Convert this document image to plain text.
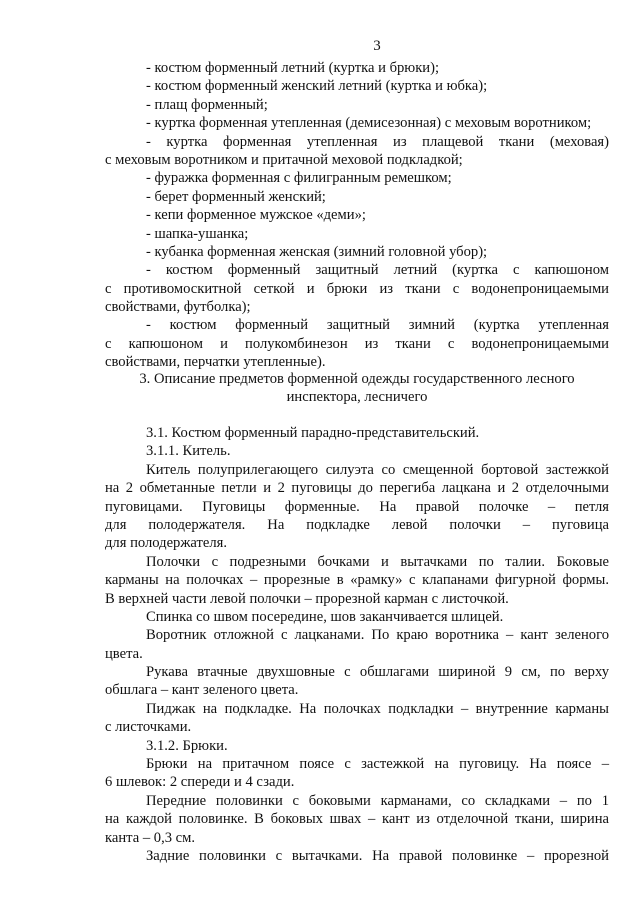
3
- костюм форменный летний (куртка и брюки);
- костюм форменный женский летний (куртка и юбка);
- плащ форменный;
- куртка форменная утепленная (демисезонная) с меховым воротником;
- куртка форменная утепленная из плащевой ткани (меховая)
с меховым воротником и притачной меховой подкладкой;
- фуражка форменная с филигранным ремешком;
- берет форменный женский;
- кепи форменное мужское «деми»;
- шапка-ушанка;
- кубанка форменная женская (зимний головной убор);
- костюм форменный защитный летний (куртка с капюшоном
с противомоскитной сеткой и брюки из ткани с водонепроницаемыми
свойствами, футболка);
- костюм форменный защитный зимний (куртка утепленная
с капюшоном и полукомбинезон из ткани с водонепроницаемыми
свойствами, перчатки утепленные).
3. Описание предметов форменной одежды государственного лесного
инспектора, лесничего
3.1. Костюм форменный парадно-представительский.
3.1.1. Китель.
Китель полуприлегающего силуэта со смещенной бортовой застежкой
на 2 обметанные петли и 2 пуговицы до перегиба лацкана и 2 отделочными
пуговицами. Пуговицы форменные. На правой полочке – петля
для полодержателя. На подкладке левой полочки – пуговица
для полодержателя.
Полочки с подрезными бочками и вытачками по талии. Боковые
карманы на полочках – прорезные в «рамку» с клапанами фигурной формы.
В верхней части левой полочки – прорезной карман с листочкой.
Спинка со швом посередине, шов заканчивается шлицей.
Воротник отложной с лацканами. По краю воротника – кант зеленого
цвета.
Рукава втачные двухшовные с обшлагами шириной 9 см, по верху
обшлага – кант зеленого цвета.
Пиджак на подкладке. На полочках подкладки – внутренние карманы
с листочками.
3.1.2. Брюки.
Брюки на притачном поясе с застежкой на пуговицу. На поясе –
6 шлевок: 2 спереди и 4 сзади.
Передние половинки с боковыми карманами, со складками – по 1
на каждой половинке. В боковых швах – кант из отделочной ткани, ширина
канта – 0,3 см.
Задние половинки с вытачками. На правой половинке – прорезной
